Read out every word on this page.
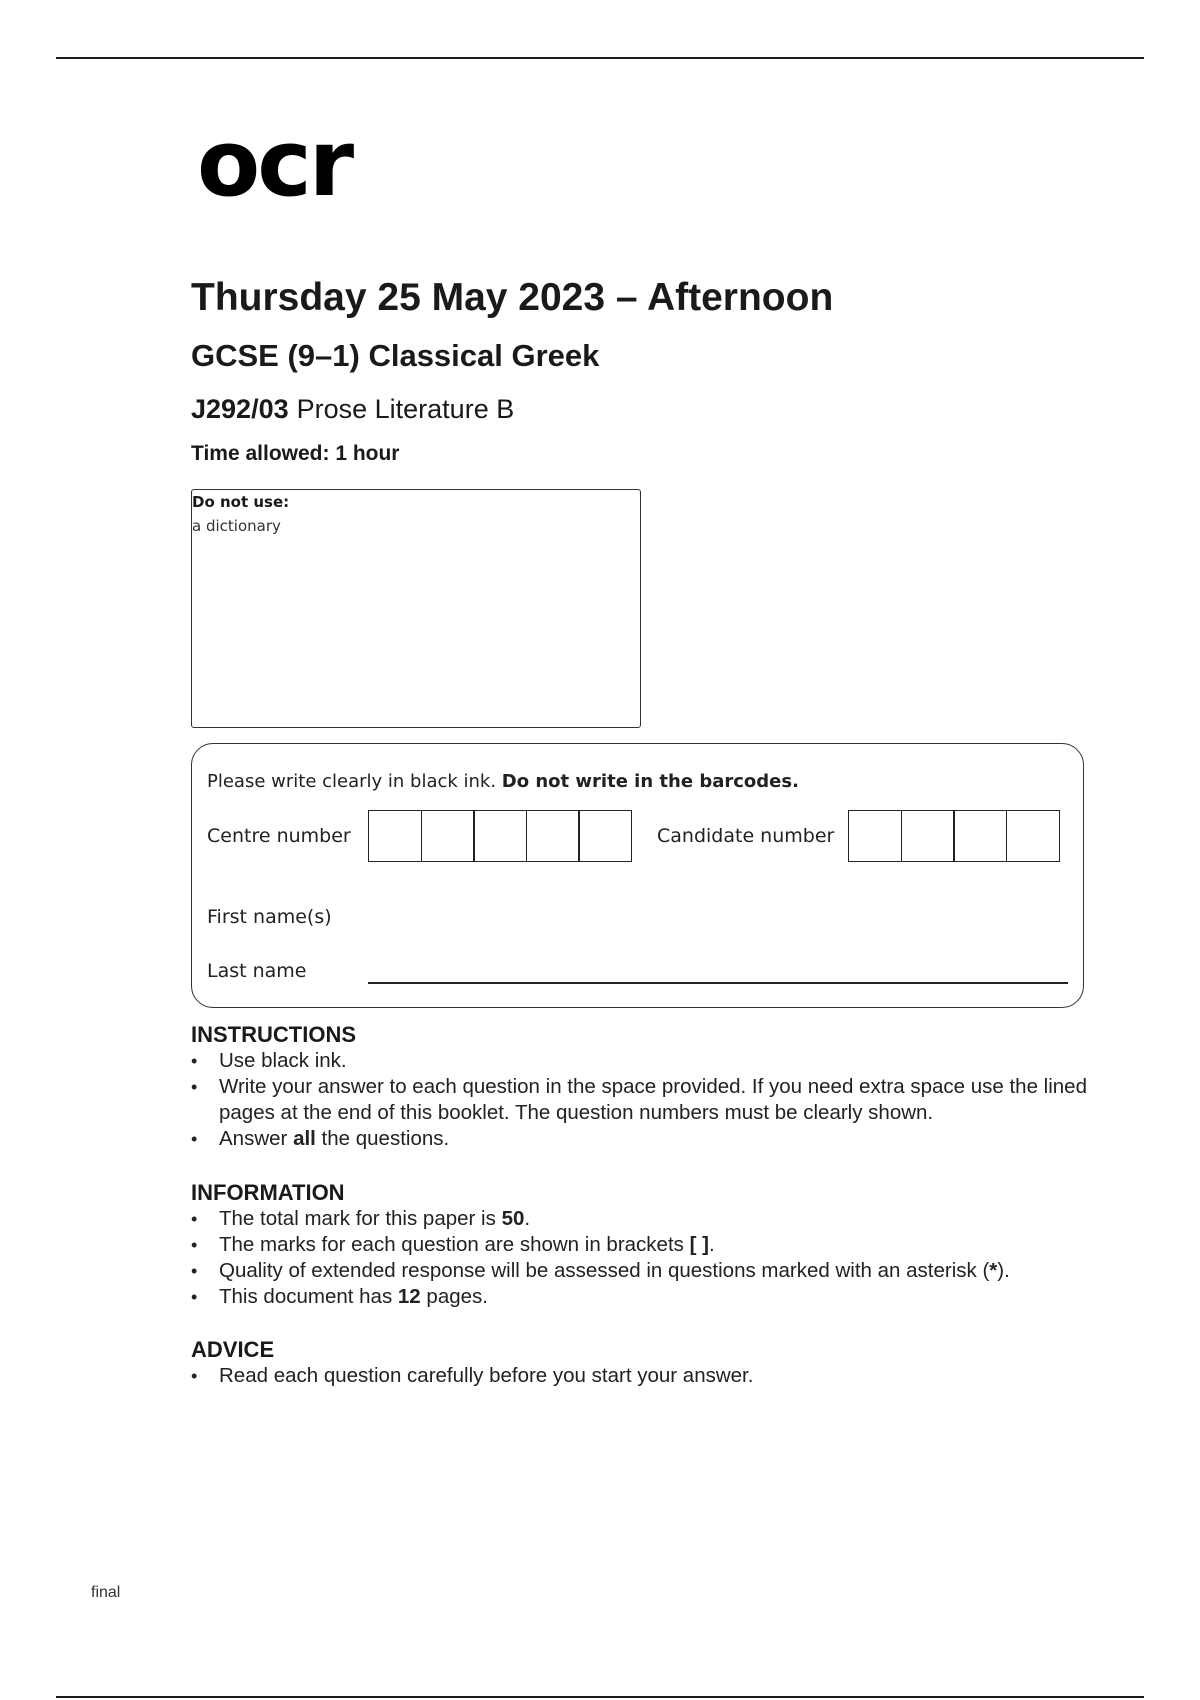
ocr
Thursday 25 May 2023 – Afternoon
GCSE (9–1) Classical Greek
J292/03 Prose Literature B
Time allowed: 1 hour
Do not use:
a dictionary
Please write clearly in black ink. Do not write in the barcodes.
Centre number	Candidate number
First name(s)
Last name
INSTRUCTIONS
• Use black ink.
• Write your answer to each question in the space provided. If you need extra space use the lined pages at the end of this booklet. The question numbers must be clearly shown.
• Answer all the questions.
INFORMATION
• The total mark for this paper is 50.
• The marks for each question are shown in brackets [ ].
• Quality of extended response will be assessed in questions marked with an asterisk (*).
• This document has 12 pages.
ADVICE
• Read each question carefully before you start your answer.
final
